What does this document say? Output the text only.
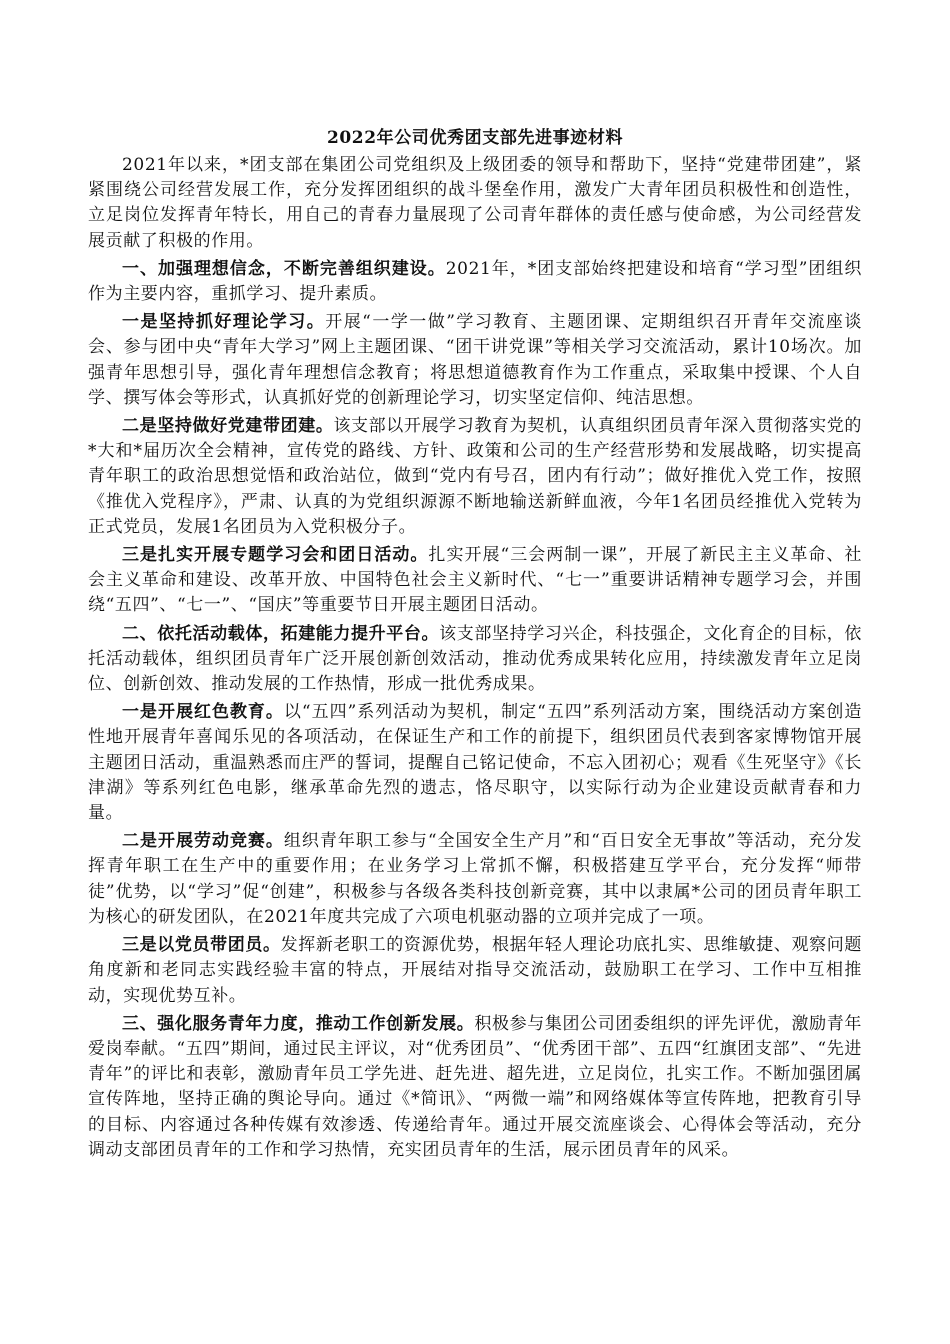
2022年公司优秀团支部先进事迹材料

2021年以来，*团支部在集团公司党组织及上级团委的领导和帮助下，坚持“党建带团建”，紧紧围绕公司经营发展工作，充分发挥团组织的战斗堡垒作用，激发广大青年团员积极性和创造性，立足岗位发挥青年特长，用自己的青春力量展现了公司青年群体的责任感与使命感，为公司经营发展贡献了积极的作用。

一、加强理想信念，不断完善组织建设。2021年，*团支部始终把建设和培育“学习型”团组织作为主要内容，重抓学习、提升素质。

一是坚持抓好理论学习。开展“一学一做”学习教育、主题团课、定期组织召开青年交流座谈会、参与团中央“青年大学习”网上主题团课、“团干讲党课”等相关学习交流活动，累计10场次。加强青年思想引导，强化青年理想信念教育；将思想道德教育作为工作重点，采取集中授课、个人自学、撰写体会等形式，认真抓好党的创新理论学习，切实坚定信仰、纯洁思想。

二是坚持做好党建带团建。该支部以开展学习教育为契机，认真组织团员青年深入贯彻落实党的*大和*届历次全会精神，宣传党的路线、方针、政策和公司的生产经营形势和发展战略，切实提高青年职工的政治思想觉悟和政治站位，做到“党内有号召，团内有行动”；做好推优入党工作，按照《推优入党程序》，严肃、认真的为党组织源源不断地输送新鲜血液，今年1名团员经推优入党转为正式党员，发展1名团员为入党积极分子。

三是扎实开展专题学习会和团日活动。扎实开展“三会两制一课”，开展了新民主主义革命、社会主义革命和建设、改革开放、中国特色社会主义新时代、“七一”重要讲话精神专题学习会，并围绕“五四”、“七一”、“国庆”等重要节日开展主题团日活动。

二、依托活动载体，拓建能力提升平台。该支部坚持学习兴企，科技强企，文化育企的目标，依托活动载体，组织团员青年广泛开展创新创效活动，推动优秀成果转化应用，持续激发青年立足岗位、创新创效、推动发展的工作热情，形成一批优秀成果。

一是开展红色教育。以“五四”系列活动为契机，制定“五四”系列活动方案，围绕活动方案创造性地开展青年喜闻乐见的各项活动，在保证生产和工作的前提下，组织团员代表到客家博物馆开展主题团日活动，重温熟悉而庄严的誓词，提醒自己铭记使命，不忘入团初心；观看《生死坚守》《长津湖》等系列红色电影，继承革命先烈的遗志，恪尽职守，以实际行动为企业建设贡献青春和力量。

二是开展劳动竞赛。组织青年职工参与“全国安全生产月”和“百日安全无事故”等活动，充分发挥青年职工在生产中的重要作用；在业务学习上常抓不懈，积极搭建互学平台，充分发挥“师带徒”优势，以“学习”促“创建”，积极参与各级各类科技创新竞赛，其中以隶属*公司的团员青年职工为核心的研发团队，在2021年度共完成了六项电机驱动器的立项并完成了一项。

三是以党员带团员。发挥新老职工的资源优势，根据年轻人理论功底扎实、思维敏捷、观察问题角度新和老同志实践经验丰富的特点，开展结对指导交流活动，鼓励职工在学习、工作中互相推动，实现优势互补。

三、强化服务青年力度，推动工作创新发展。积极参与集团公司团委组织的评先评优，激励青年爱岗奉献。“五四”期间，通过民主评议，对“优秀团员”、“优秀团干部”、五四“红旗团支部”、“先进青年”的评比和表彰，激励青年员工学先进、赶先进、超先进，立足岗位，扎实工作。不断加强团属宣传阵地，坚持正确的舆论导向。通过《*简讯》、“两微一端”和网络媒体等宣传阵地，把教育引导的目标、内容通过各种传媒有效渗透、传递给青年。通过开展交流座谈会、心得体会等活动，充分调动支部团员青年的工作和学习热情，充实团员青年的生活，展示团员青年的风采。
